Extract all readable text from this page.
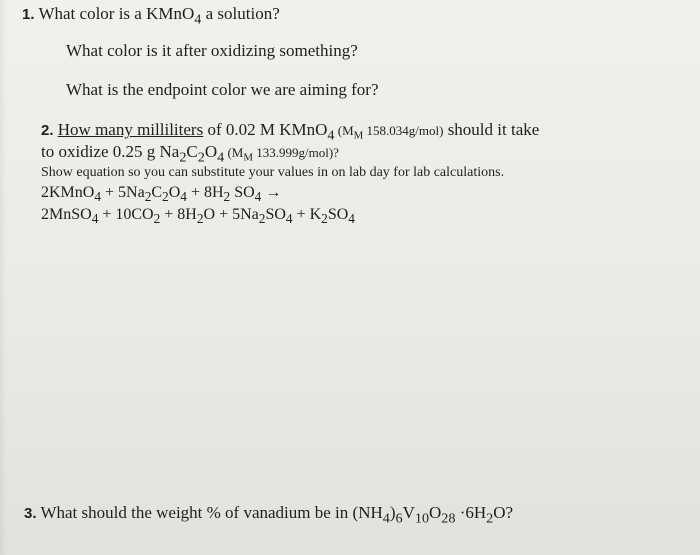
1. What color is a KMnO$_4$ a solution?
What color is it after oxidizing something?
What is the endpoint color we are aiming for?
2. How many milliliters of 0.02 M KMnO$_4$ ($M_M$ 158.034g/mol) should it take
to oxidize 0.25 g $Na_2C_2O_4$ ($M_M$ 133.999g/mol)?
Show equation so you can substitute your values in on lab day for lab calculations.
2KMnO$_4$ + $5Na_2C_2O_4 + 8H_2$ $SO_4$ →
2MnSO$_4$ + $10CO_2 + 8H_2O + 5Na_2SO_4 + K_2SO_4$
3. What should the weight % of vanadium be in $(NH_4)_6V_{10}O_{28} \cdot 6H_2O$?
